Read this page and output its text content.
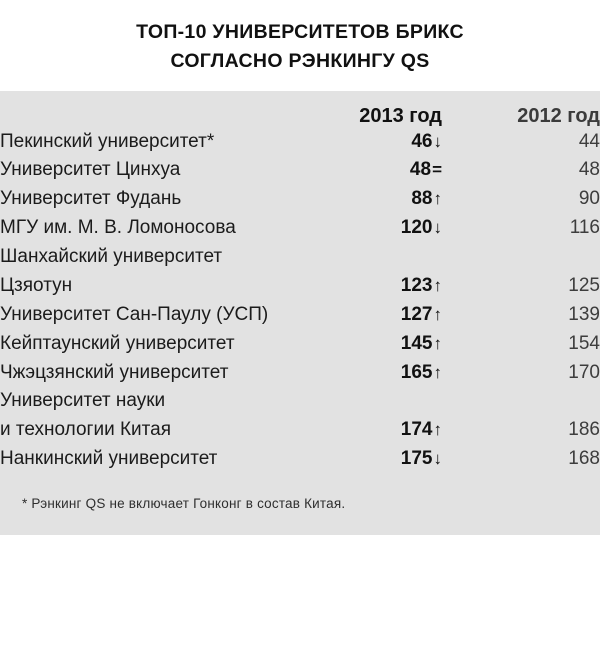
ТОП-10 УНИВЕРСИТЕТОВ БРИКС
СОГЛАСНО РЭНКИНГУ QS
	2013 год	2012 год
Пекинский университет*	46↓	44
Университет Цинхуа	48=	48
Университет Фудань	88↑	90
МГУ им. М. В. Ломоносова	120↓	116
Шанхайский университет		
Цзяотун	123↑	125
Университет Сан-Паулу (УСП)	127↑	139
Кейптаунский университет	145↑	154
Чжэцзянский университет	165↑	170
Университет науки		
и технологии Китая	174↑	186
Нанкинский университет	175↓	168
* Рэнкинг QS не включает Гонконг в состав Китая.
